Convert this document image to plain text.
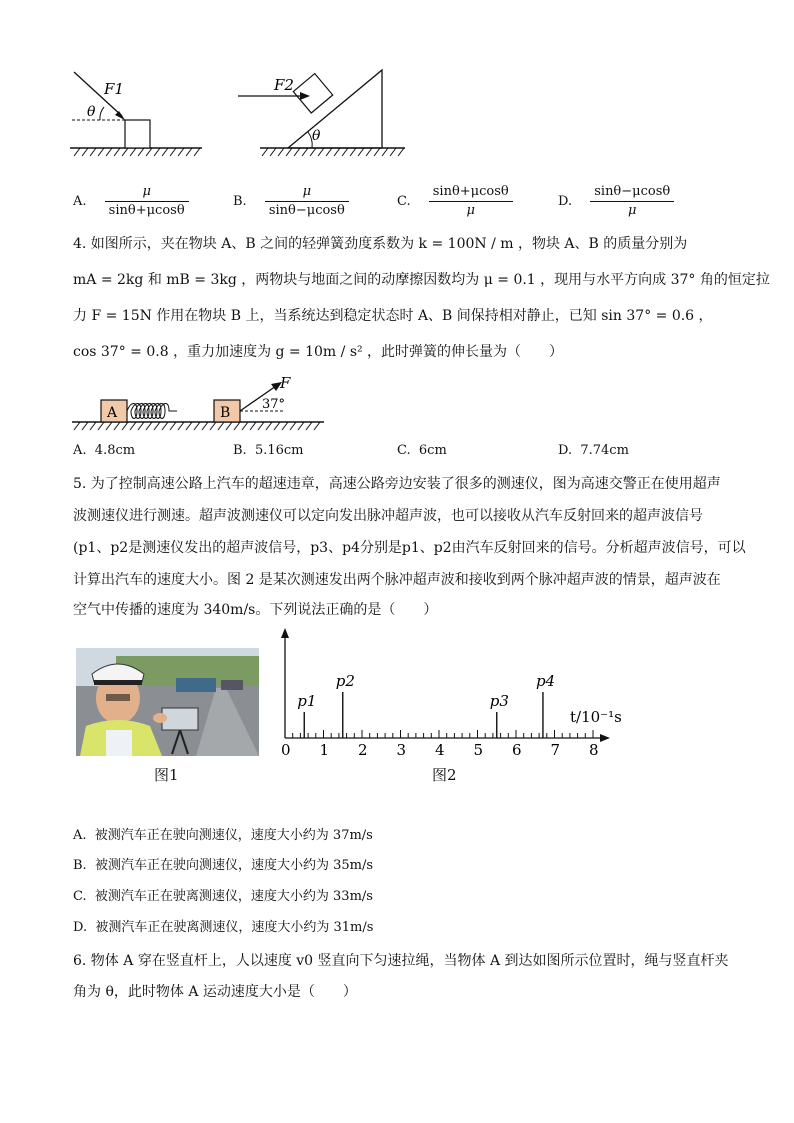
F1
θ
F2
θ
A. $\frac{\mu}{\sin\theta+\mu\cos\theta}$	B. $\frac{\mu}{\sin\theta-\mu\cos\theta}$	C. $\frac{\sin\theta+\mu\cos\theta}{\mu}$	D. $\frac{\sin\theta-\mu\cos\theta}{\mu}$
4. 如图所示，夹在物块 A、B 之间的轻弹簧劲度系数为 k = 100N / m ，物块 A、B 的质量分别为
mA = 2kg 和 mB = 3kg ，两物块与地面之间的动摩擦因数均为 μ = 0.1 ，现用与水平方向成 37° 角的恒定拉
力 F = 15N 作用在物块 B 上，当系统达到稳定状态时 A、B 间保持相对静止，已知 sin 37° = 0.6 ，
cos 37° = 0.8 ，重力加速度为 g = 10m / s² ，此时弹簧的伸长量为（　　）
A	B
F
37°
A. 4.8cm	B. 5.16cm	C. 6cm	D. 7.74cm
5. 为了控制高速公路上汽车的超速违章，高速公路旁边安装了很多的测速仪，图为高速交警正在使用超声
波测速仪进行测速。超声波测速仪可以定向发出脉冲超声波，也可以接收从汽车反射回来的超声波信号
(p1、p2是测速仪发出的超声波信号，p3、p4分别是p1、p2由汽车反射回来的信号。分析超声波信号，可以
计算出汽车的速度大小。图 2 是某次测速发出两个脉冲超声波和接收到两个脉冲超声波的情景，超声波在
空气中传播的速度为 340m/s。下列说法正确的是（　　）
图1
0 1 2 3 4 5 6 7 8
p1
p2
p3
p4
t/10⁻¹s
图2
A. 被测汽车正在驶向测速仪，速度大小约为 37m/s
B. 被测汽车正在驶向测速仪，速度大小约为 35m/s
C. 被测汽车正在驶离测速仪，速度大小约为 33m/s
D. 被测汽车正在驶离测速仪，速度大小约为 31m/s
6. 物体 A 穿在竖直杆上，人以速度 v0 竖直向下匀速拉绳，当物体 A 到达如图所示位置时，绳与竖直杆夹
角为 θ，此时物体 A 运动速度大小是（　　）
